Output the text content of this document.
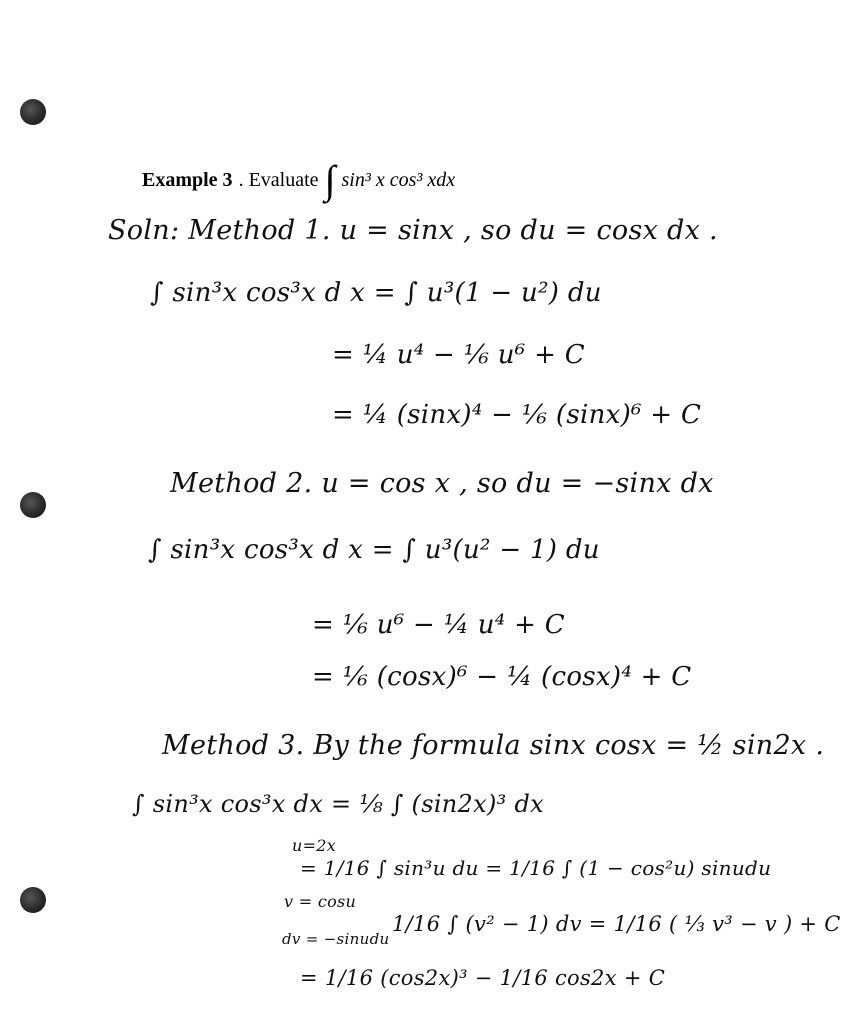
Example 3 . Evaluate ∫ sin³ x cos³ xdx
Soln: Method 1. u = sinx , so du = cosx dx .
∫ sin³x cos³x d x = ∫ u³(1 − u²) du
= ¼ u⁴ − ⅙ u⁶ + C
= ¼ (sinx)⁴ − ⅙ (sinx)⁶ + C
Method 2. u = cos x , so du = −sinx dx
∫ sin³x cos³x d x = ∫ u³(u² − 1) du
= ⅙ u⁶ − ¼ u⁴ + C
= ⅙ (cosx)⁶ − ¼ (cosx)⁴ + C
Method 3. By the formula sinx cosx = ½ sin2x .
∫ sin³x cos³x dx = ⅛ ∫ (sin2x)³ dx
u=2x
= 1/16 ∫ sin³u du = 1/16 ∫ (1 − cos²u) sinudu
v = cosu
dv = −sinudu
1/16 ∫ (v² − 1) dv = 1/16 ( ⅓ v³ − v ) + C
= 1/16 (cos2x)³ − 1/16 cos2x + C
